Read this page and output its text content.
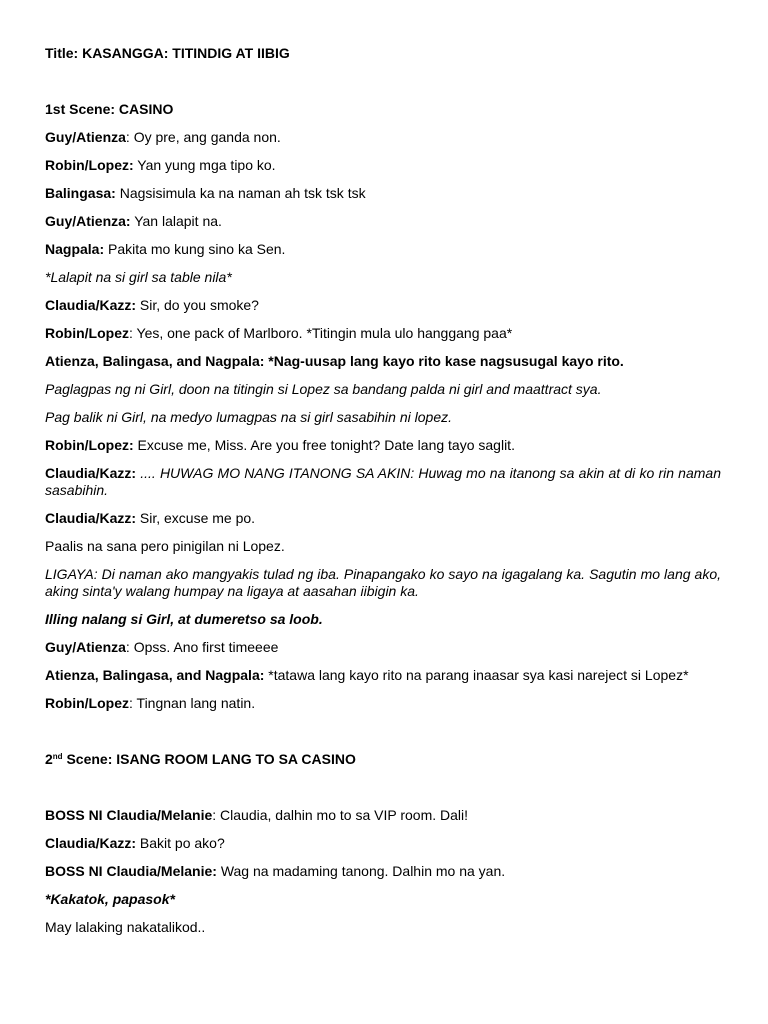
Title: KASANGGA: TITINDIG AT IIBIG

1st Scene: CASINO

Guy/Atienza: Oy pre, ang ganda non.

Robin/Lopez: Yan yung mga tipo ko.

Balingasa: Nagsisimula ka na naman ah tsk tsk tsk

Guy/Atienza: Yan lalapit na.

Nagpala: Pakita mo kung sino ka Sen.

*Lalapit na si girl sa table nila*

Claudia/Kazz: Sir, do you smoke?

Robin/Lopez: Yes, one pack of Marlboro. *Titingin mula ulo hanggang paa*

Atienza, Balingasa, and Nagpala: *Nag-uusap lang kayo rito kase nagsusugal kayo rito.

Paglagpas ng ni Girl, doon na titingin si Lopez sa bandang palda ni girl and maattract sya.

Pag balik ni Girl, na medyo lumagpas na si girl sasabihin ni lopez.

Robin/Lopez: Excuse me, Miss. Are you free tonight? Date lang tayo saglit.

Claudia/Kazz: .... HUWAG MO NANG ITANONG SA AKIN: Huwag mo na itanong sa akin at di ko rin naman sasabihin.

Claudia/Kazz: Sir, excuse me po.

Paalis na sana pero pinigilan ni Lopez.

LIGAYA: Di naman ako mangyakis tulad ng iba. Pinapangako ko sayo na igagalang ka. Sagutin mo lang ako, aking sinta'y walang humpay na ligaya at aasahan iibigin ka.

Illing nalang si Girl, at dumeretso sa loob.

Guy/Atienza: Opss. Ano first timeeee

Atienza, Balingasa, and Nagpala: *tatawa lang kayo rito na parang inaasar sya kasi nareject si Lopez*

Robin/Lopez: Tingnan lang natin.

2nd Scene: ISANG ROOM LANG TO SA CASINO

BOSS NI Claudia/Melanie: Claudia, dalhin mo to sa VIP room. Dali!

Claudia/Kazz: Bakit po ako?

BOSS NI Claudia/Melanie: Wag na madaming tanong. Dalhin mo na yan.

*Kakatok, papasok*

May lalaking nakatalikod..
